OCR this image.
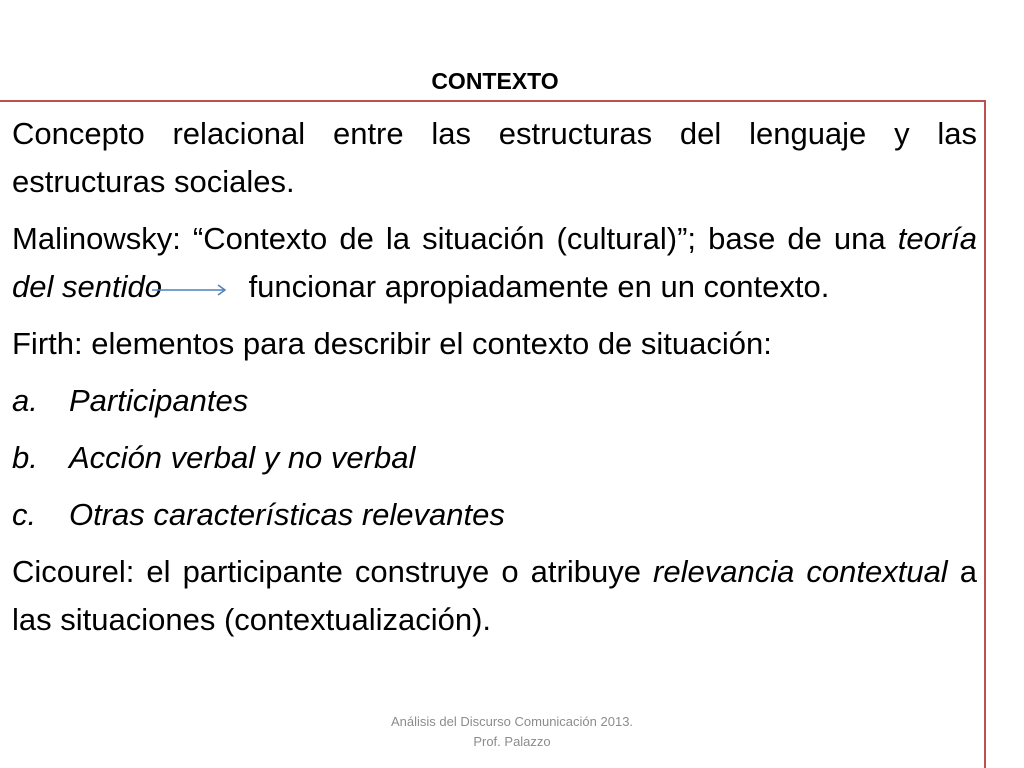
CONTEXTO

Concepto relacional entre las estructuras del lenguaje y las estructuras sociales.

Malinowsky: “Contexto de la situación (cultural)”; base de una teoría del sentido	funcionar apropiadamente en un contexto.

Firth: elementos para describir el contexto de situación:

a.	Participantes
b.	Acción verbal y no verbal
c.	Otras características relevantes

Cicourel: el participante construye o atribuye relevancia contextual a las situaciones (contextualización).

Análisis del Discurso Comunicación 2013.
Prof. Palazzo
